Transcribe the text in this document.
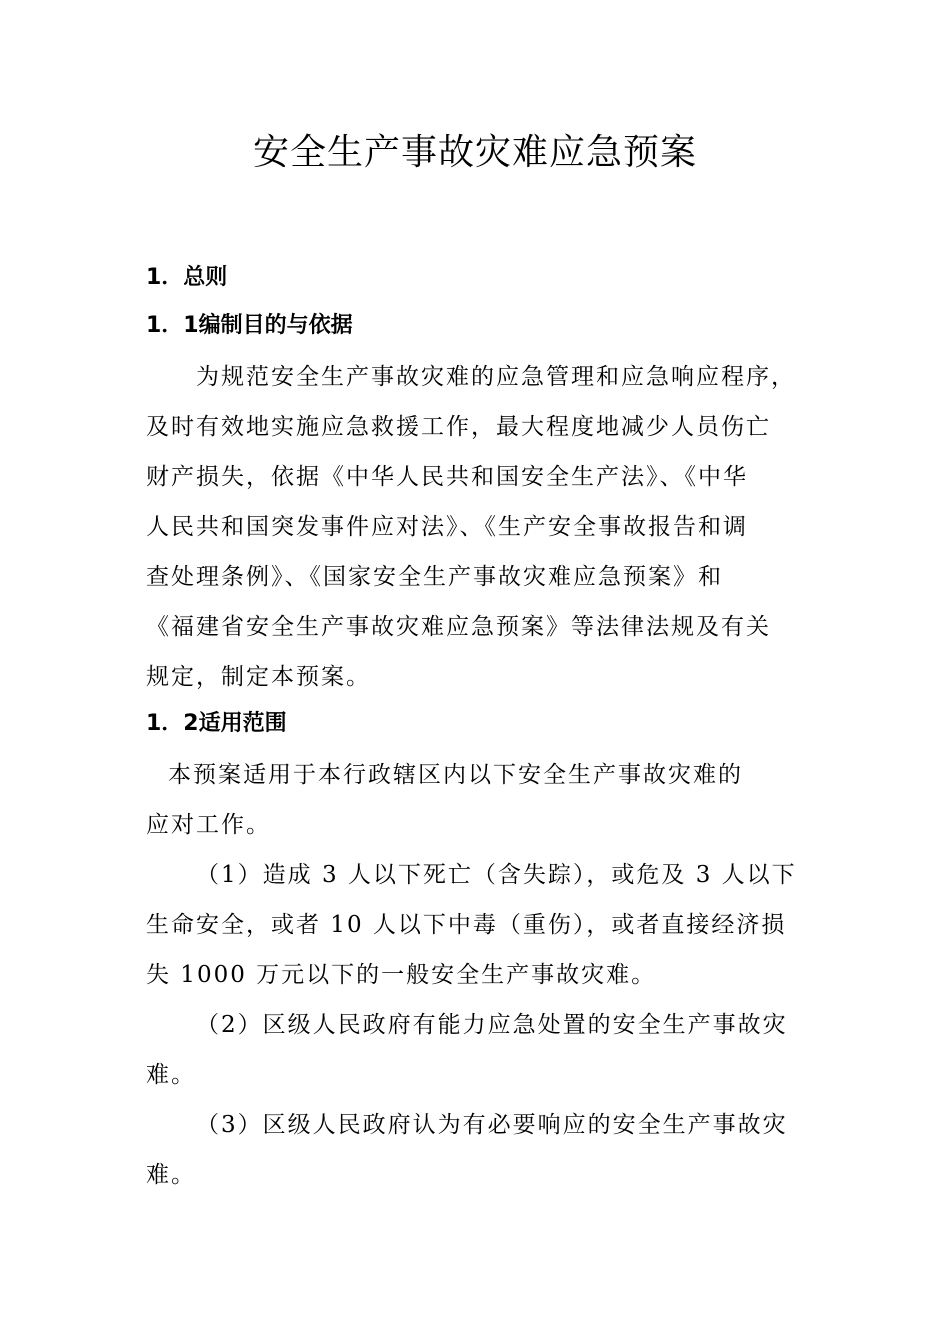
安全生产事故灾难应急预案
1．总则
1．1编制目的与依据
为规范安全生产事故灾难的应急管理和应急响应程序，
及时有效地实施应急救援工作，最大程度地减少人员伤亡
财产损失，依据《中华人民共和国安全生产法》、《中华
人民共和国突发事件应对法》、《生产安全事故报告和调
查处理条例》、《国家安全生产事故灾难应急预案》和
《福建省安全生产事故灾难应急预案》等法律法规及有关
规定，制定本预案。
1．2适用范围
本预案适用于本行政辖区内以下安全生产事故灾难的
应对工作。
（1）造成 3 人以下死亡（含失踪），或危及 3 人以下
生命安全，或者 10 人以下中毒（重伤），或者直接经济损
失 1000 万元以下的一般安全生产事故灾难。
（2）区级人民政府有能力应急处置的安全生产事故灾
难。
（3）区级人民政府认为有必要响应的安全生产事故灾
难。
